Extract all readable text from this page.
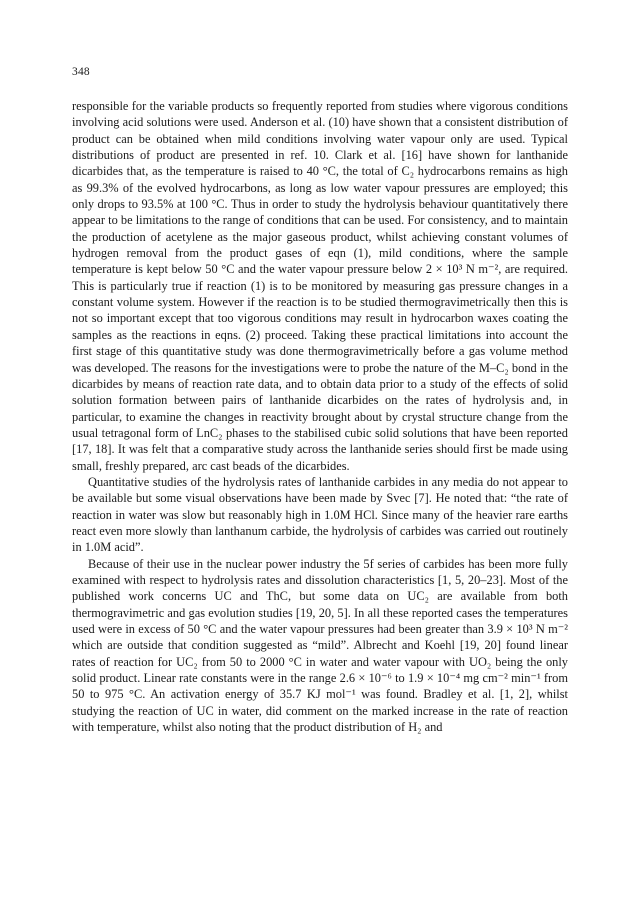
348

responsible for the variable products so frequently reported from studies where vigorous conditions involving acid solutions were used. Anderson et al. (10) have shown that a consistent distribution of product can be obtained when mild conditions involving water vapour only are used. Typical distributions of product are presented in ref. 10. Clark et al. [16] have shown for lanthanide dicarbides that, as the temperature is raised to 40 °C, the total of C₂ hydrocarbons remains as high as 99.3% of the evolved hydrocarbons, as long as low water vapour pressures are employed; this only drops to 93.5% at 100 °C. Thus in order to study the hydrolysis behaviour quantitatively there appear to be limitations to the range of conditions that can be used. For consistency, and to maintain the production of acetylene as the major gaseous product, whilst achieving constant volumes of hydrogen removal from the product gases of eqn (1), mild conditions, where the sample temperature is kept below 50 °C and the water vapour pressure below 2 × 10³ N m⁻², are required. This is particularly true if reaction (1) is to be monitored by measuring gas pressure changes in a constant volume system. However if the reaction is to be studied thermogravimetrically then this is not so important except that too vigorous conditions may result in hydrocarbon waxes coating the samples as the reactions in eqns. (2) proceed. Taking these practical limitations into account the first stage of this quantitative study was done thermogravimetrically before a gas volume method was developed. The reasons for the investigations were to probe the nature of the M–C₂ bond in the dicarbides by means of reaction rate data, and to obtain data prior to a study of the effects of solid solution formation between pairs of lanthanide dicarbides on the rates of hydrolysis and, in particular, to examine the changes in reactivity brought about by crystal structure change from the usual tetragonal form of LnC₂ phases to the stabilised cubic solid solutions that have been reported [17, 18]. It was felt that a comparative study across the lanthanide series should first be made using small, freshly prepared, arc cast beads of the dicarbides.

Quantitative studies of the hydrolysis rates of lanthanide carbides in any media do not appear to be available but some visual observations have been made by Svec [7]. He noted that: “the rate of reaction in water was slow but reasonably high in 1.0M HCl. Since many of the heavier rare earths react even more slowly than lanthanum carbide, the hydrolysis of carbides was carried out routinely in 1.0M acid”.

Because of their use in the nuclear power industry the 5f series of carbides has been more fully examined with respect to hydrolysis rates and dissolution characteristics [1, 5, 20–23]. Most of the published work concerns UC and ThC, but some data on UC₂ are available from both thermogravimetric and gas evolution studies [19, 20, 5]. In all these reported cases the temperatures used were in excess of 50 °C and the water vapour pressures had been greater than 3.9 × 10³ N m⁻² which are outside that condition suggested as “mild”. Albrecht and Koehl [19, 20] found linear rates of reaction for UC₂ from 50 to 2000 °C in water and water vapour with UO₂ being the only solid product. Linear rate constants were in the range 2.6 × 10⁻⁶ to 1.9 × 10⁻⁴ mg cm⁻² min⁻¹ from 50 to 975 °C. An activation energy of 35.7 KJ mol⁻¹ was found. Bradley et al. [1, 2], whilst studying the reaction of UC in water, did comment on the marked increase in the rate of reaction with temperature, whilst also noting that the product distribution of H₂ and
